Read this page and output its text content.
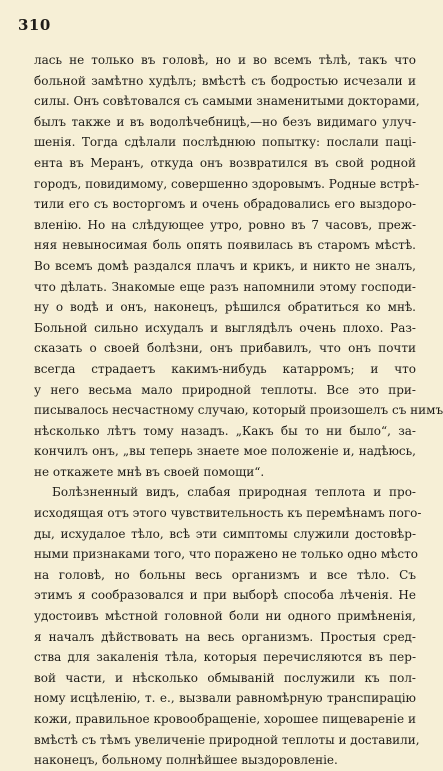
310
лась не только въ головѣ, но и во всемъ тѣлѣ, такъ что
больной замѣтно худѣлъ; вмѣстѣ съ бодростью исчезали и
силы. Онъ совѣтовался съ самыми знаменитыми докторами,
былъ также и въ водолѣчебницѣ,—но безъ видимаго улуч-
шенія. Тогда сдѣлали послѣднюю попытку: послали паці-
ента въ Меранъ, откуда онъ возвратился въ свой родной
городъ, повидимому, совершенно здоровымъ. Родные встрѣ-
тили его съ восторгомъ и очень обрадовались его выздоро-
вленію. Но на слѣдующее утро, ровно въ 7 часовъ, преж-
няя невыносимая боль опять появилась въ старомъ мѣстѣ.
Во всемъ домѣ раздался плачъ и крикъ, и никто не зналъ,
что дѣлать. Знакомые еще разъ напомнили этому господи-
ну о водѣ и онъ, наконецъ, рѣшился обратиться ко мнѣ.
Больной сильно исхудалъ и выглядѣлъ очень плохо. Раз-
сказать о своей болѣзни, онъ прибавилъ, что онъ почти
всегда страдаетъ какимъ-нибудь катарромъ; и что
у него весьма мало природной теплоты. Все это при-
писывалось несчастному случаю, который произошелъ съ нимъ
нѣсколько лѣтъ тому назадъ. „Какъ бы то ни было“, за-
кончилъ онъ, „вы теперь знаете мое положеніе и, надѣюсь,
не откажете мнѣ въ своей помощи“.
Болѣзненный видъ, слабая природная теплота и про-
исходящая отъ этого чувствительность къ перемѣнамъ пого-
ды, исхудалое тѣло, всѣ эти симптомы служили достовѣр-
ными признаками того, что поражено не только одно мѣсто
на головѣ, но больны весь организмъ и все тѣло. Съ
этимъ я сообразовался и при выборѣ способа лѣченія. Не
удостоивъ мѣстной головной боли ни одного примѣненія,
я началъ дѣйствовать на весь организмъ. Простыя сред-
ства для закаленія тѣла, которыя перечисляются въ пер-
вой части, и нѣсколько обмываній послужили къ пол-
ному исцѣленію, т. е., вызвали равномѣрную транспирацію
кожи, правильное кровообращеніе, хорошее пищевареніе и
вмѣстѣ съ тѣмъ увеличеніе природной теплоты и доставили,
наконецъ, больному полнѣйшее выздоровленіе.
